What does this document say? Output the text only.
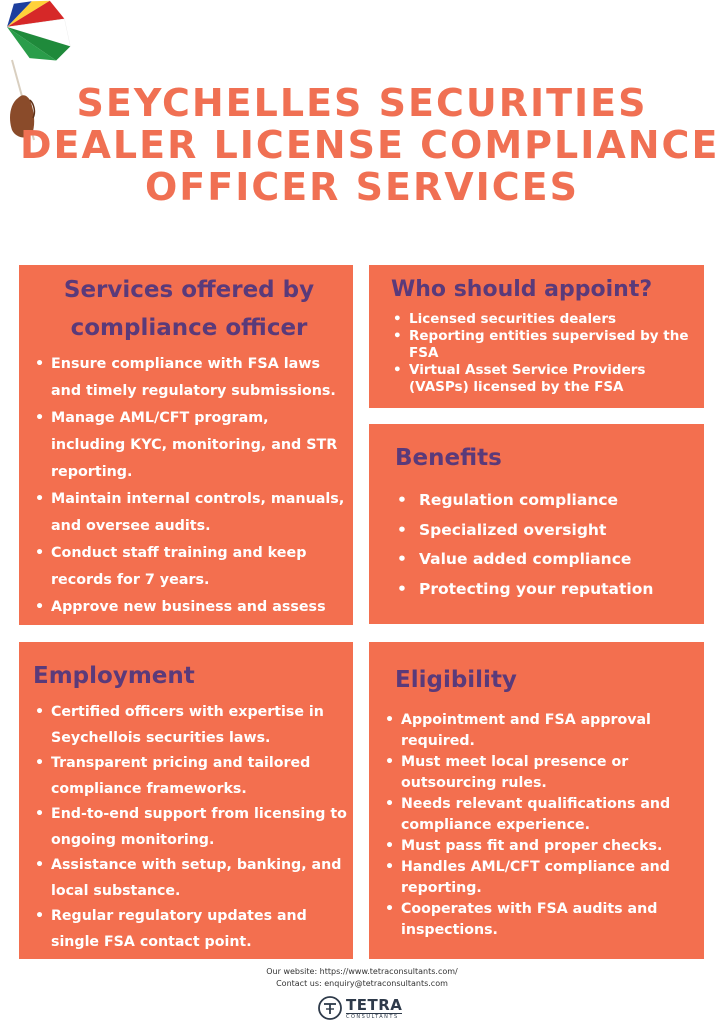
SEYCHELLES SECURITIES
DEALER LICENSE COMPLIANCE
OFFICER SERVICES
Services offered by
compliance officer
• Ensure compliance with FSA laws and timely regulatory submissions.
• Manage AML/CFT program, including KYC, monitoring, and STR reporting.
• Maintain internal controls, manuals, and oversee audits.
• Conduct staff training and keep records for 7 years.
• Approve new business and assess related risks.
Who should appoint?
• Licensed securities dealers
• Reporting entities supervised by the FSA
• Virtual Asset Service Providers (VASPs) licensed by the FSA
Benefits
• Regulation compliance
• Specialized oversight
• Value added compliance
• Protecting your reputation
Employment
• Certified officers with expertise in Seychellois securities laws.
• Transparent pricing and tailored compliance frameworks.
• End-to-end support from licensing to ongoing monitoring.
• Assistance with setup, banking, and local substance.
• Regular regulatory updates and single FSA contact point.
Eligibility
• Appointment and FSA approval required.
• Must meet local presence or outsourcing rules.
• Needs relevant qualifications and compliance experience.
• Must pass fit and proper checks.
• Handles AML/CFT compliance and reporting.
• Cooperates with FSA audits and inspections.
Our website: https://www.tetraconsultants.com/
Contact us: enquiry@tetraconsultants.com
TETRA
CONSULTANTS
